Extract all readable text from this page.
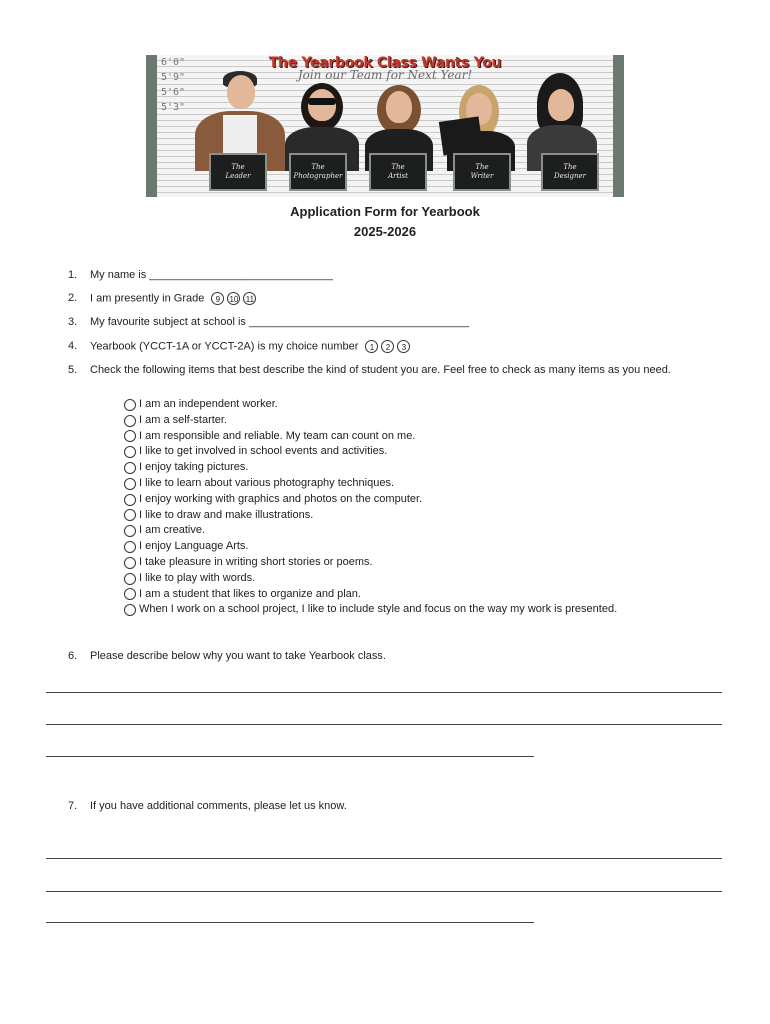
The Yearbook Class Wants You
Join our Team for Next Year!
6'0"
5'9"
5'6"
5'3"
The
Leader
The
Photographer
The
Artist
The
Writer
The
Designer
Application Form for Yearbook
2025-2026
1. My name is ______________________________
2. I am presently in Grade 9 10 11
3. My favourite subject at school is ____________________________________
4. Yearbook (YCCT-1A or YCCT-2A) is my choice number 1 2 3
5. Check the following items that best describe the kind of student you are. Feel free to check as many items as you need.
I am an independent worker.
I am a self-starter.
I am responsible and reliable. My team can count on me.
I like to get involved in school events and activities.
I enjoy taking pictures.
I like to learn about various photography techniques.
I enjoy working with graphics and photos on the computer.
I like to draw and make illustrations.
I am creative.
I enjoy Language Arts.
I take pleasure in writing short stories or poems.
I like to play with words.
I am a student that likes to organize and plan.
When I work on a school project, I like to include style and focus on the way my work is presented.
6. Please describe below why you want to take Yearbook class.
7. If you have additional comments, please let us know.
